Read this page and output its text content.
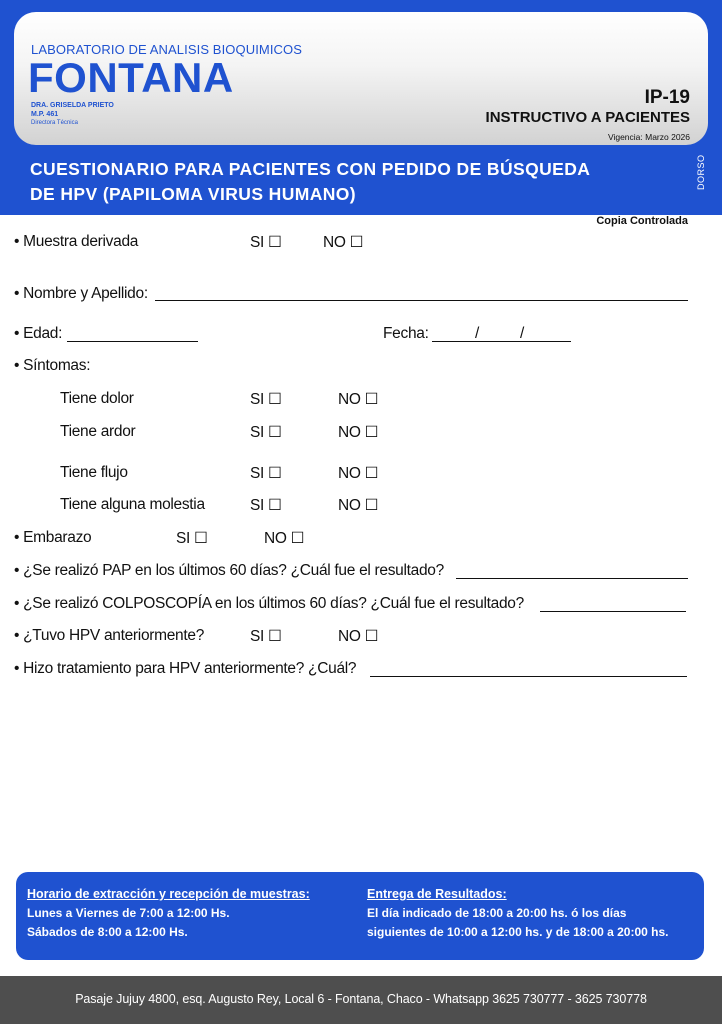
LABORATORIO DE ANALISIS BIOQUIMICOS
FONTANA
DRA. GRISELDA PRIETO
M.P. 461
Directora Técnica
IP-19
INSTRUCTIVO A PACIENTES
Vigencia: Marzo 2026
CUESTIONARIO PARA PACIENTES CON PEDIDO DE BÚSQUEDA
DE HPV (PAPILOMA VIRUS HUMANO)
DORSO
Copia Controlada
• Muestra derivada	SI ☐	NO ☐
• Nombre y Apellido:
• Edad:	Fecha:	/	/
• Síntomas:
Tiene dolor	SI ☐	NO ☐
Tiene ardor	SI ☐	NO ☐
Tiene flujo	SI ☐	NO ☐
Tiene alguna molestia	SI ☐	NO ☐
• Embarazo	SI ☐	NO ☐
• ¿Se realizó PAP en los últimos 60 días? ¿Cuál fue el resultado?
• ¿Se realizó COLPOSCOPÍA en los últimos 60 días? ¿Cuál fue el resultado?
• ¿Tuvo HPV anteriormente?	SI ☐	NO ☐
• Hizo tratamiento para HPV anteriormente? ¿Cuál?
Horario de extracción y recepción de muestras:
Lunes a Viernes de 7:00 a 12:00 Hs.
Sábados de 8:00 a 12:00 Hs.
Entrega de Resultados:
El día indicado de 18:00 a 20:00 hs. ó los días
siguientes de 10:00 a 12:00 hs. y de 18:00 a 20:00 hs.
Pasaje Jujuy 4800, esq. Augusto Rey, Local 6 - Fontana, Chaco - Whatsapp 3625 730777 - 3625 730778
